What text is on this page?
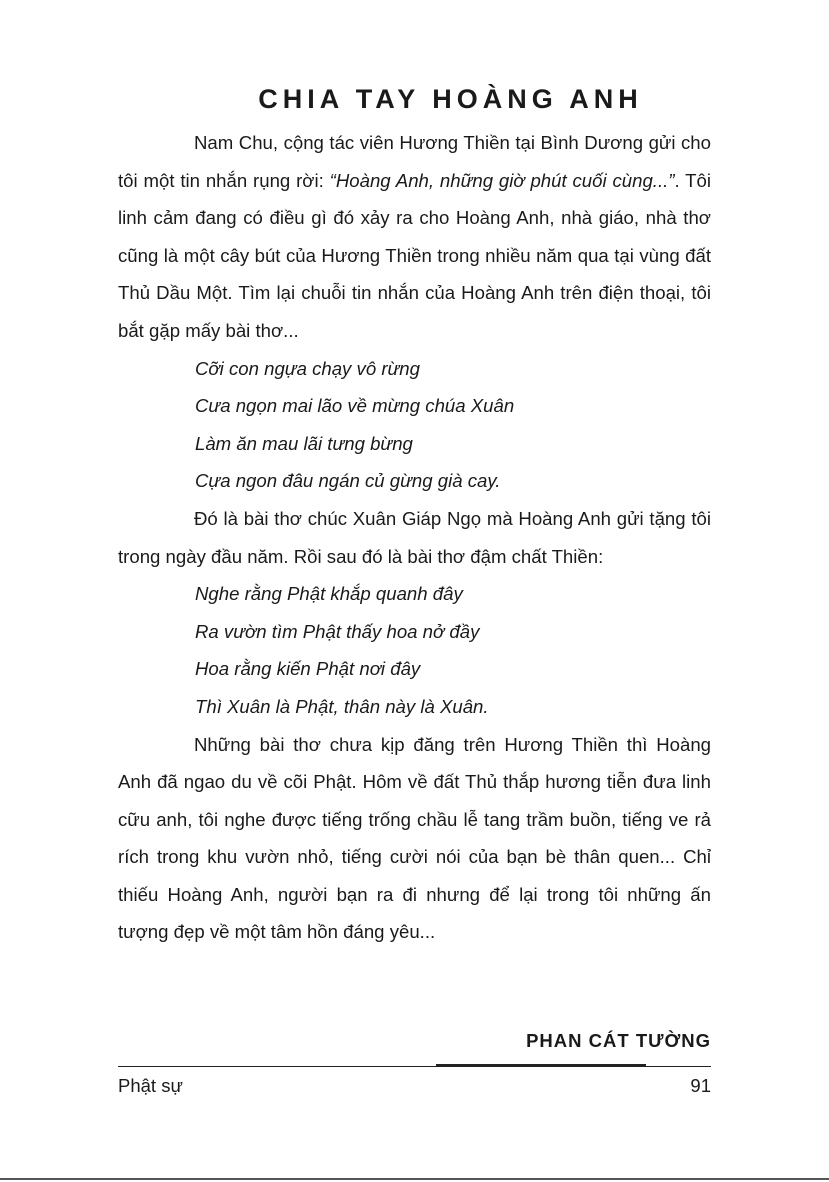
CHIA TAY HOÀNG ANH

Nam Chu, cộng tác viên Hương Thiền tại Bình Dương gửi cho tôi một tin nhắn rụng rời: “Hoàng Anh, những giờ phút cuối cùng...”. Tôi linh cảm đang có điều gì đó xảy ra cho Hoàng Anh, nhà giáo, nhà thơ cũng là một cây bút của Hương Thiền trong nhiều năm qua tại vùng đất Thủ Dầu Một. Tìm lại chuỗi tin nhắn của Hoàng Anh trên điện thoại, tôi bắt gặp mấy bài thơ...

Cỡi con ngựa chạy vô rừng
Cưa ngọn mai lão về mừng chúa Xuân
Làm ăn mau lãi tưng bừng
Cựa ngon đâu ngán củ gừng già cay.

Đó là bài thơ chúc Xuân Giáp Ngọ mà Hoàng Anh gửi tặng tôi trong ngày đầu năm. Rồi sau đó là bài thơ đậm chất Thiền:

Nghe rằng Phật khắp quanh đây
Ra vườn tìm Phật thấy hoa nở đầy
Hoa rằng kiến Phật nơi đây
Thì Xuân là Phật, thân này là Xuân.

Những bài thơ chưa kịp đăng trên Hương Thiền thì Hoàng Anh đã ngao du về cõi Phật. Hôm về đất Thủ thắp hương tiễn đưa linh cữu anh, tôi nghe được tiếng trống chầu lễ tang trầm buồn, tiếng ve rả rích trong khu vườn nhỏ, tiếng cười nói của bạn bè thân quen... Chỉ thiếu Hoàng Anh, người bạn ra đi nhưng để lại trong tôi những ấn tượng đẹp về một tâm hồn đáng yêu...

PHAN CÁT TƯỜNG
Phật sự	91
